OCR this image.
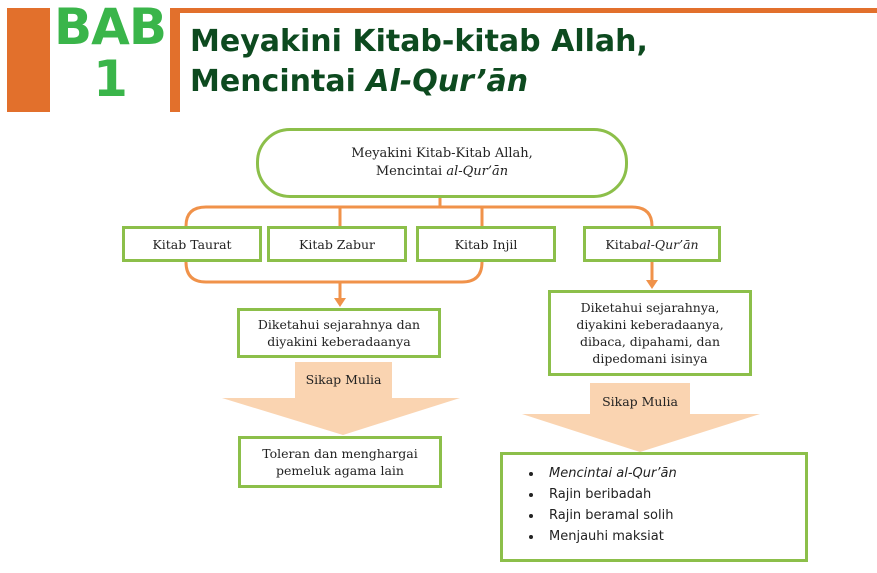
BAB
1
Meyakini Kitab-kitab Allah,
Mencintai Al-Qur’ān
Meyakini Kitab-Kitab Allah,
Mencintai al-Qur’ān
Kitab Taurat	Kitab Zabur	Kitab Injil	Kitab al-Qur’ān
Diketahui sejarahnya dan
diyakini keberadaanya
Sikap Mulia
Toleran dan menghargai
pemeluk agama lain
Diketahui sejarahnya,
diyakini keberadaanya,
dibaca, dipahami, dan
dipedomani isinya
Sikap Mulia
• Mencintai al-Qur’ān
• Rajin beribadah
• Rajin beramal solih
• Menjauhi maksiat
